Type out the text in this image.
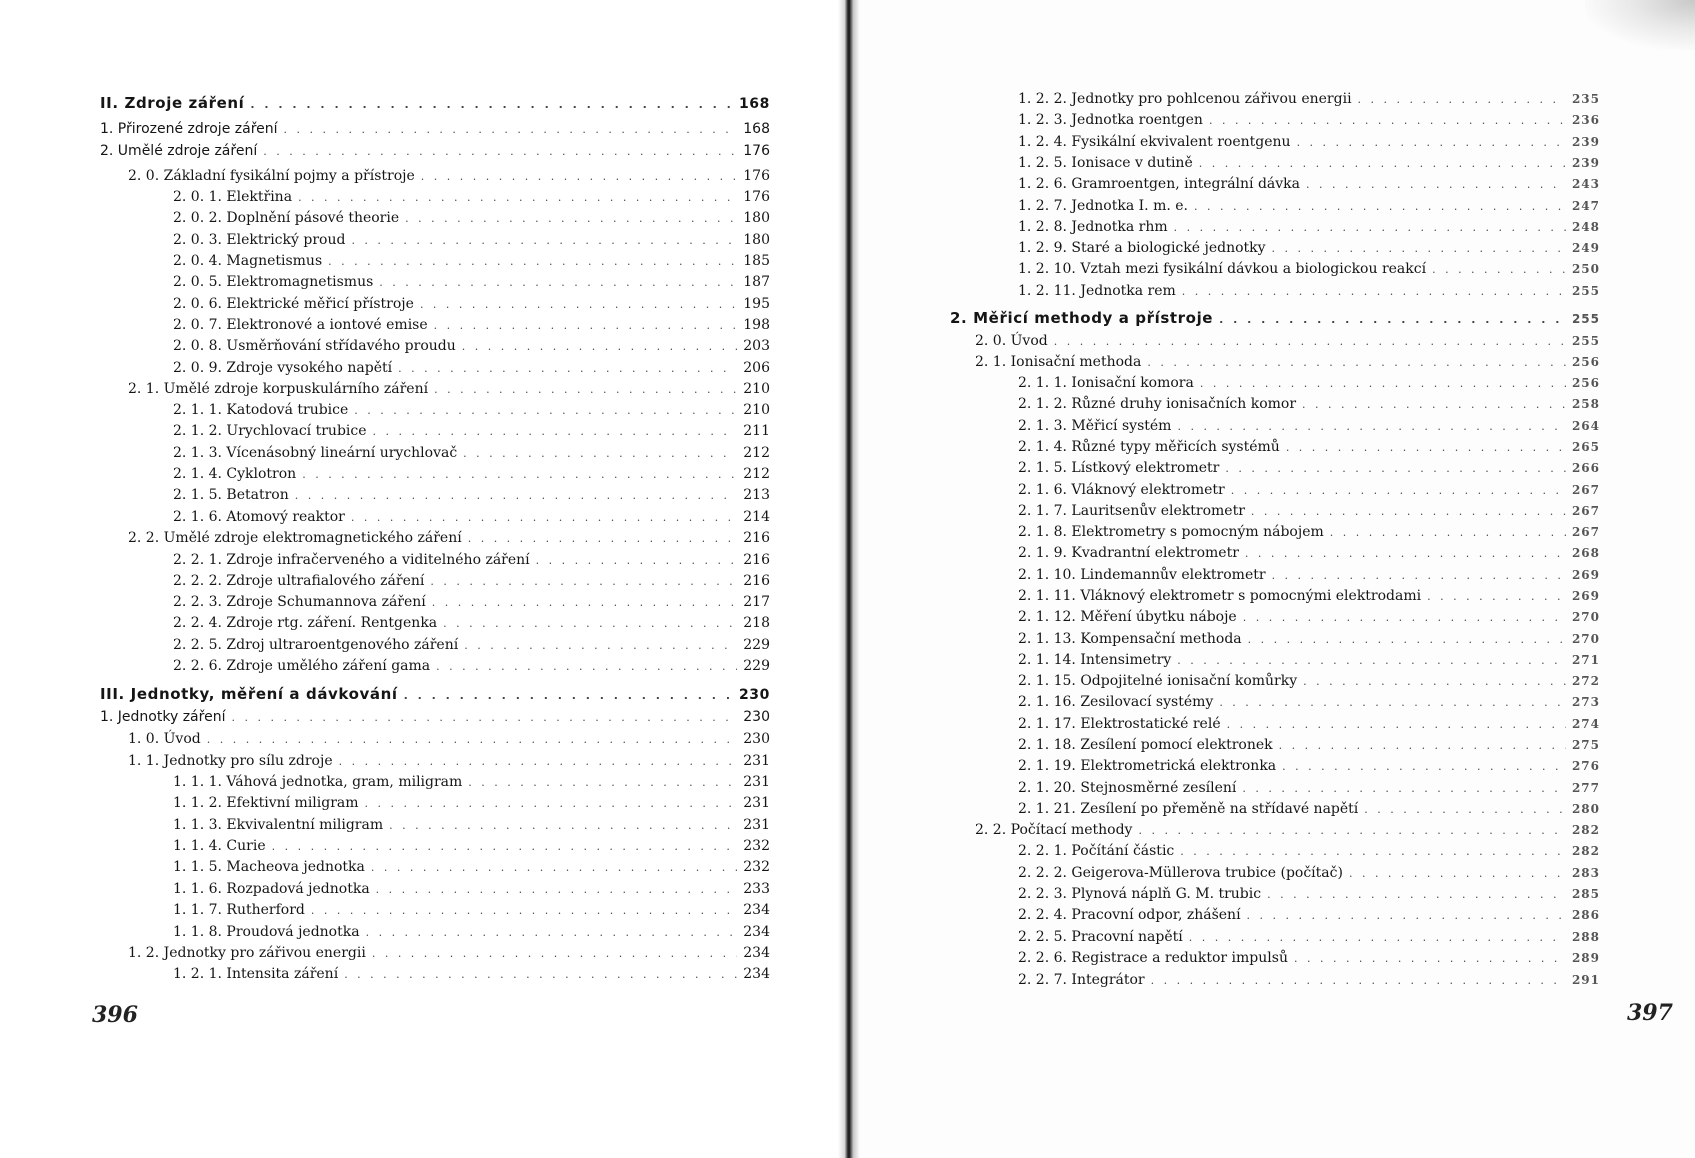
II. Zdroje záření . . .	168
1. Přirozené zdroje záření . . .	168
2. Umělé zdroje záření . . .	176
2. 0. Základní fysikální pojmy a přístroje . . .	176
2. 0. 1. Elektřina . . .	176
2. 0. 2. Doplnění pásové theorie . . .	180
2. 0. 3. Elektrický proud . . .	180
2. 0. 4. Magnetismus . . .	185
2. 0. 5. Elektromagnetismus . . .	187
2. 0. 6. Elektrické měřicí přístroje . . .	195
2. 0. 7. Elektronové a iontové emise . . .	198
2. 0. 8. Usměrňování střídavého proudu . . .	203
2. 0. 9. Zdroje vysokého napětí . . .	206
2. 1. Umělé zdroje korpuskulárního záření . . .	210
2. 1. 1. Katodová trubice . . .	210
2. 1. 2. Urychlovací trubice . . .	211
2. 1. 3. Vícenásobný lineární urychlovač . . .	212
2. 1. 4. Cyklotron . . .	212
2. 1. 5. Betatron . . .	213
2. 1. 6. Atomový reaktor . . .	214
2. 2. Umělé zdroje elektromagnetického záření . . .	216
2. 2. 1. Zdroje infračerveného a viditelného záření . . .	216
2. 2. 2. Zdroje ultrafialového záření . . .	216
2. 2. 3. Zdroje Schumannova záření . . .	217
2. 2. 4. Zdroje rtg. záření. Rentgenka . . .	218
2. 2. 5. Zdroj ultraroentgenového záření . . .	229
2. 2. 6. Zdroje umělého záření gama . . .	229
III. Jednotky, měření a dávkování . . .	230
1. Jednotky záření . . .	230
1. 0. Úvod . . .	230
1. 1. Jednotky pro sílu zdroje . . .	231
1. 1. 1. Váhová jednotka, gram, miligram . . .	231
1. 1. 2. Efektivní miligram . . .	231
1. 1. 3. Ekvivalentní miligram . . .	231
1. 1. 4. Curie . . .	232
1. 1. 5. Macheova jednotka . . .	232
1. 1. 6. Rozpadová jednotka . . .	233
1. 1. 7. Rutherford . . .	234
1. 1. 8. Proudová jednotka . . .	234
1. 2. Jednotky pro zářivou energii . . .	234
1. 2. 1. Intensita záření . . .	234
396
1. 2. 2. Jednotky pro pohlcenou zářivou energii . . .	235
1. 2. 3. Jednotka roentgen . . .	236
1. 2. 4. Fysikální ekvivalent roentgenu . . .	239
1. 2. 5. Ionisace v dutině . . .	239
1. 2. 6. Gramroentgen, integrální dávka . . .	243
1. 2. 7. Jednotka I. m. e. . . .	247
1. 2. 8. Jednotka rhm . . .	248
1. 2. 9. Staré a biologické jednotky . . .	249
1. 2. 10. Vztah mezi fysikální dávkou a biologickou reakcí . . .	250
1. 2. 11. Jednotka rem . . .	255
2. Měřicí methody a přístroje . . .	255
2. 0. Úvod . . .	255
2. 1. Ionisační methoda . . .	256
2. 1. 1. Ionisační komora . . .	256
2. 1. 2. Různé druhy ionisačních komor . . .	258
2. 1. 3. Měřicí systém . . .	264
2. 1. 4. Různé typy měřicích systémů . . .	265
2. 1. 5. Lístkový elektrometr . . .	266
2. 1. 6. Vláknový elektrometr . . .	267
2. 1. 7. Lauritsenův elektrometr . . .	267
2. 1. 8. Elektrometry s pomocným nábojem . . .	267
2. 1. 9. Kvadrantní elektrometr . . .	268
2. 1. 10. Lindemannův elektrometr . . .	269
2. 1. 11. Vláknový elektrometr s pomocnými elektrodami . . .	269
2. 1. 12. Měření úbytku náboje . . .	270
2. 1. 13. Kompensační methoda . . .	270
2. 1. 14. Intensimetry . . .	271
2. 1. 15. Odpojitelné ionisační komůrky . . .	272
2. 1. 16. Zesilovací systémy . . .	273
2. 1. 17. Elektrostatické relé . . .	274
2. 1. 18. Zesílení pomocí elektronek . . .	275
2. 1. 19. Elektrometrická elektronka . . .	276
2. 1. 20. Stejnosměrné zesílení . . .	277
2. 1. 21. Zesílení po přeměně na střídavé napětí . . .	280
2. 2. Počítací methody . . .	282
2. 2. 1. Počítání částic . . .	282
2. 2. 2. Geigerova-Müllerova trubice (počítač) . . .	283
2. 2. 3. Plynová náplň G. M. trubic . . .	285
2. 2. 4. Pracovní odpor, zhášení . . .	286
2. 2. 5. Pracovní napětí . . .	288
2. 2. 6. Registrace a reduktor impulsů . . .	289
2. 2. 7. Integrátor . . .	291
397
